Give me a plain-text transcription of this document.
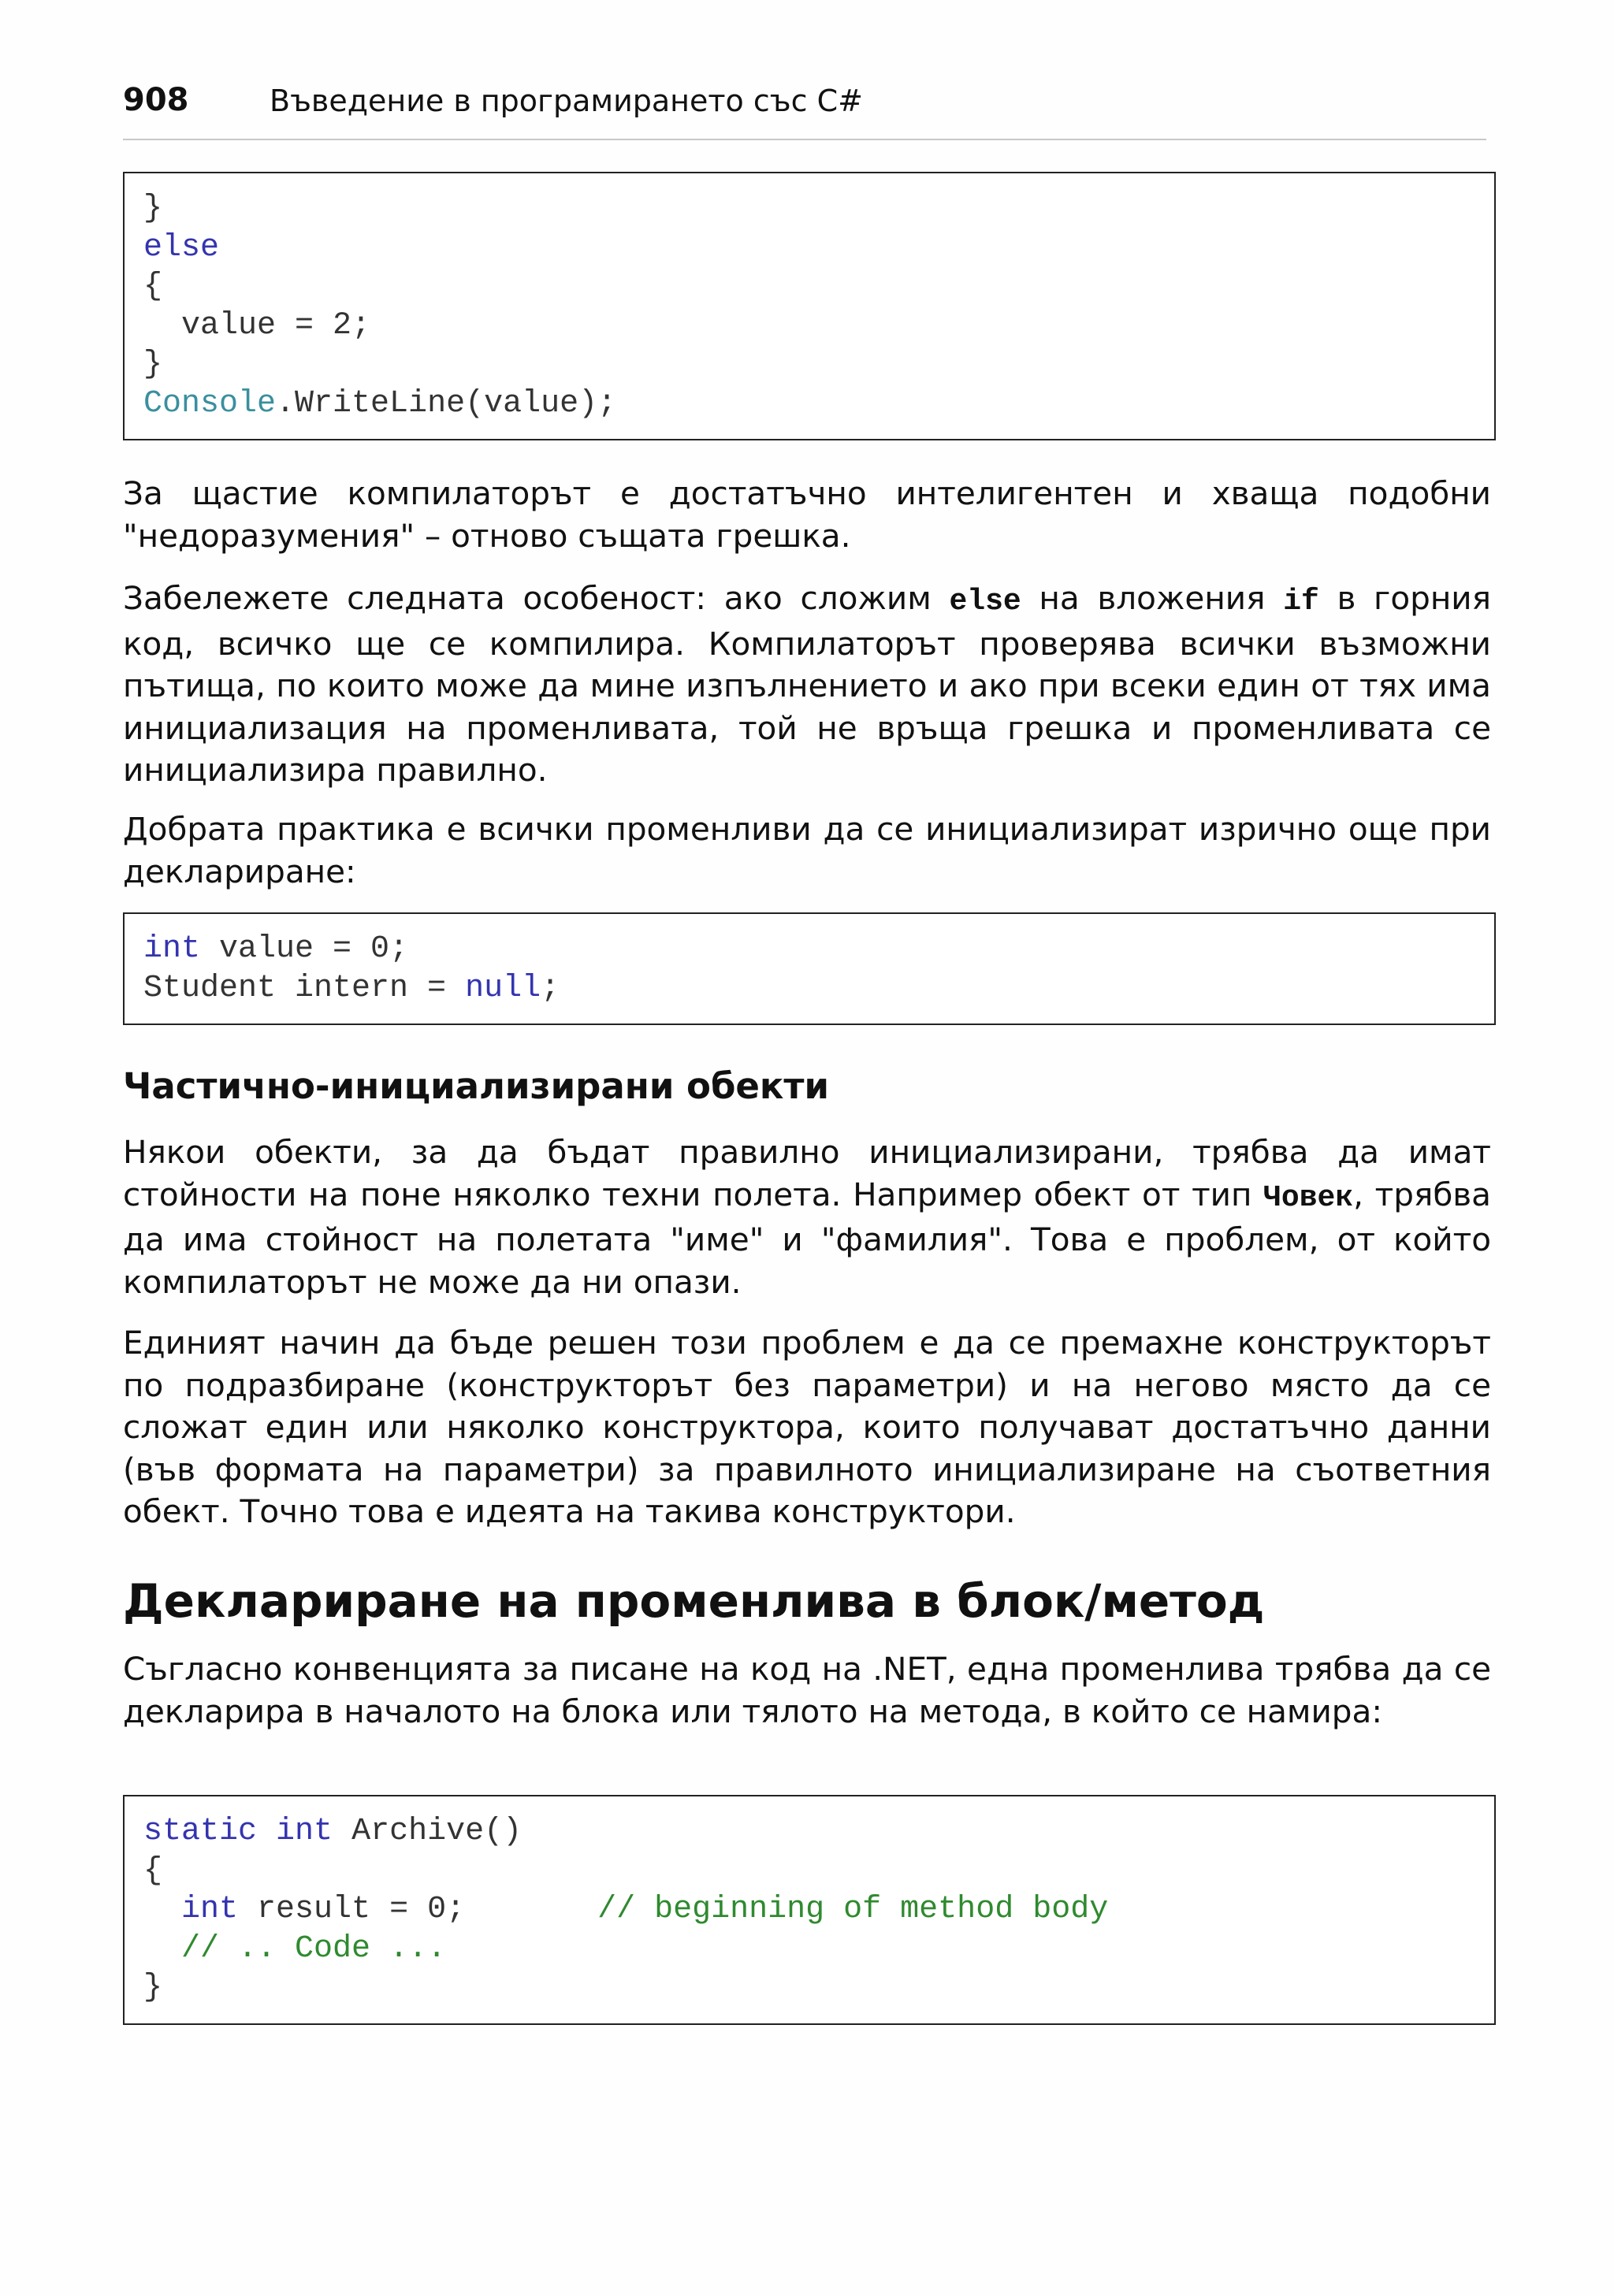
908	Въведение в програмирането със C#
}
else
{
value = 2;
}
Console.WriteLine(value);

За щастие компилаторът е достатъчно интелигентен и хваща подобни "недоразумения" – отново същата грешка.

Забележете следната особеност: ако сложим else на вложения if в горния код, всичко ще се компилира. Компилаторът проверява всички възможни пътища, по които може да мине изпълнението и ако при всеки един от тях има инициализация на променливата, той не връща грешка и променливата се инициализира правилно.

Добрата практика е всички променливи да се инициализират изрично още при деклариране:

int value = 0;
Student intern = null;
Частично-инициализирани обекти

Някои обекти, за да бъдат правилно инициализирани, трябва да имат стойности на поне няколко техни полета. Например обект от тип Човек, трябва да има стойност на полетата "име" и "фамилия". Това е проблем, от който компилаторът не може да ни опази.

Единият начин да бъде решен този проблем е да се премахне конструкторът по подразбиране (конструкторът без параметри) и на негово място да се сложат един или няколко конструктора, които получават достатъчно данни (във формата на параметри) за правилното инициализиране на съответния обект. Точно това е идеята на такива конструктори.

Деклариране на променлива в блок/метод

Съгласно конвенцията за писане на код на .NET, една променлива трябва да се декларира в началото на блока или тялото на метода, в който се намира:

static int Archive()
{
int result = 0;       // beginning of method body
// .. Code ...
}
